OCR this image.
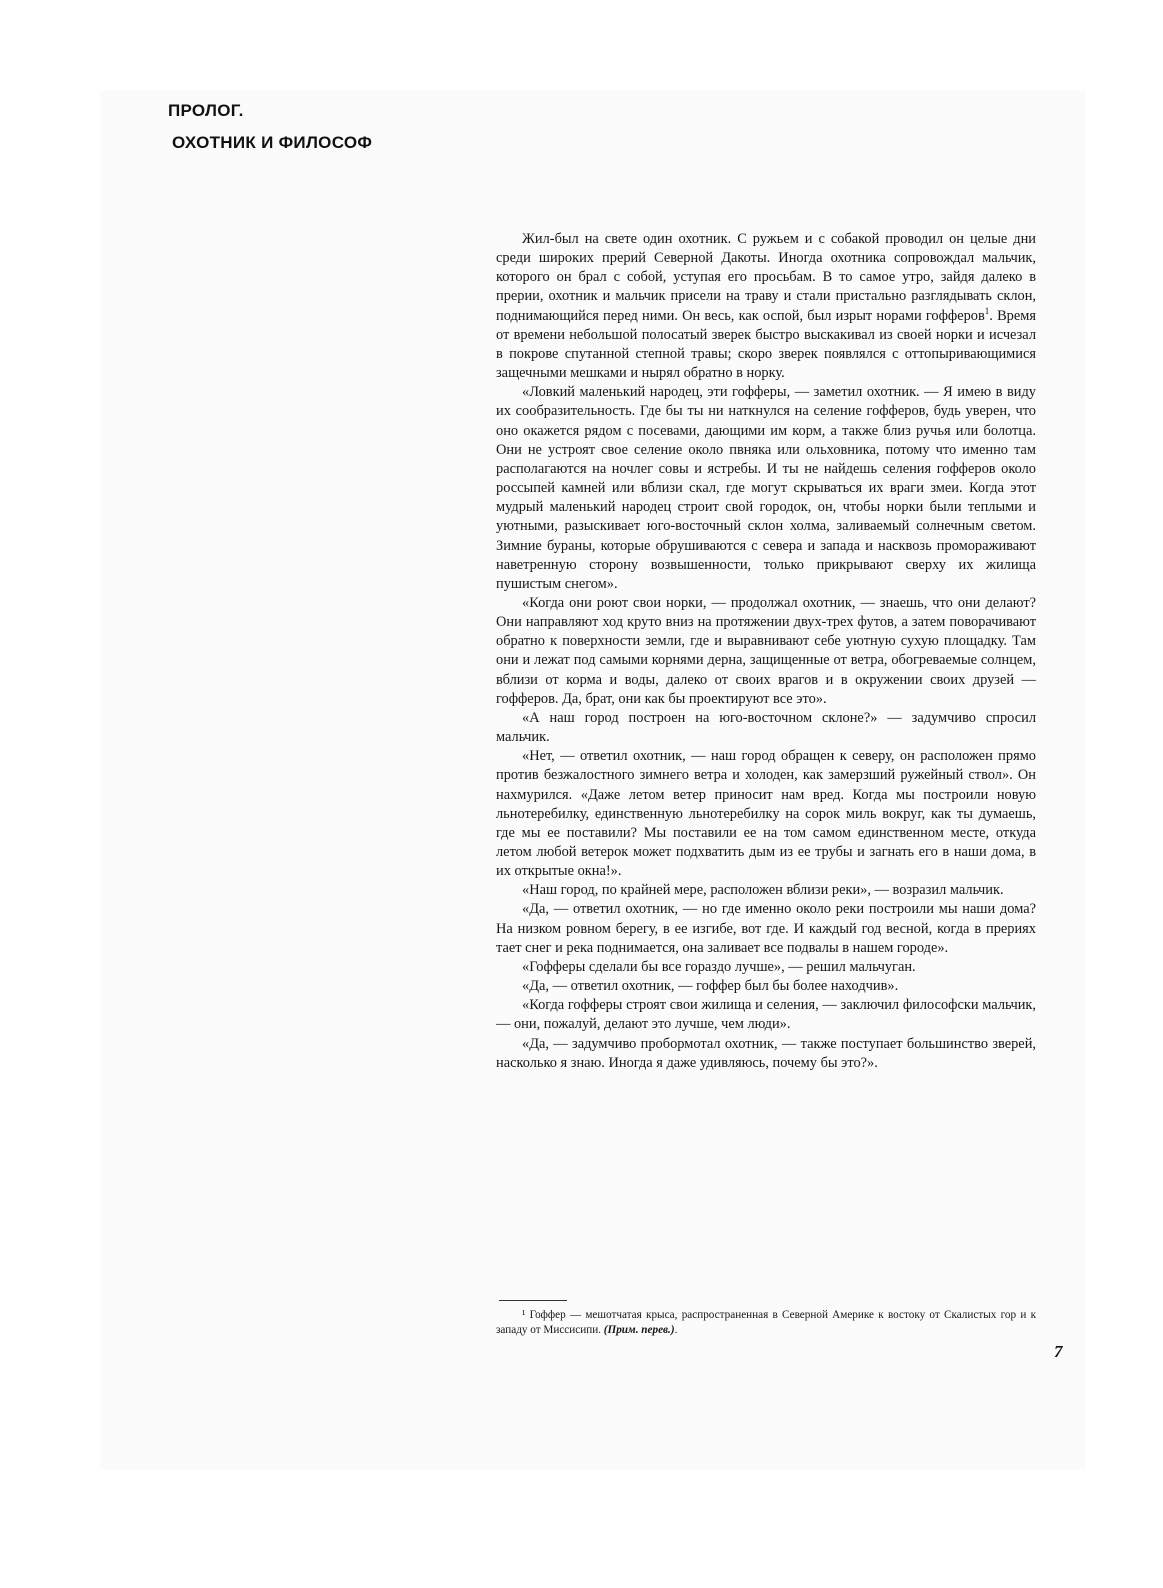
ПРОЛОГ.
ОХОТНИК И ФИЛОСОФ

Жил-был на свете один охотник. С ружьем и с собакой проводил он целые дни среди широких прерий Северной Дакоты. Иногда охотника сопровождал мальчик, которого он брал с собой, уступая его просьбам. В то самое утро, зайдя далеко в прерии, охотник и мальчик присели на траву и стали пристально разглядывать склон, поднимающийся перед ними. Он весь, как оспой, был изрыт норами гофферов$^1$. Время от времени небольшой полосатый зверек быстро выскакивал из своей норки и исчезал в покрове спутанной степной травы; скоро зверек появлялся с оттопыривающимися защечными мешками и нырял обратно в норку.

«Ловкий маленький народец, эти гофферы, — заметил охотник. — Я имею в виду их сообразительность. Где бы ты ни наткнулся на селение гофферов, будь уверен, что оно окажется рядом с посевами, дающими им корм, а также близ ручья или болотца. Они не устроят свое селение около пвняка или ольховника, потому что именно там располагаются на ночлег совы и ястребы. И ты не найдешь селения гофферов около россыпей камней или вблизи скал, где могут скрываться их враги змеи. Когда этот мудрый маленький народец строит свой городок, он, чтобы норки были теплыми и уютными, разыскивает юго-восточный склон холма, заливаемый солнечным светом. Зимние бураны, которые обрушиваются с севера и запада и насквозь промораживают наветренную сторону возвышенности, только прикрывают сверху их жилища пушистым снегом».

«Когда они роют свои норки, — продолжал охотник, — знаешь, что они делают? Они направляют ход круто вниз на протяжении двух-трех футов, а затем поворачивают обратно к поверхности земли, где и выравнивают себе уютную сухую площадку. Там они и лежат под самыми корнями дерна, защищенные от ветра, обогреваемые солнцем, вблизи от корма и воды, далеко от своих врагов и в окружении своих друзей — гофферов. Да, брат, они как бы проектируют все это».

«А наш город построен на юго-восточном склоне?» — задумчиво спросил мальчик.

«Нет, — ответил охотник, — наш город обращен к северу, он расположен прямо против безжалостного зимнего ветра и холоден, как замерзший ружейный ствол». Он нахмурился. «Даже летом ветер приносит нам вред. Когда мы построили новую льнотеребилку, единственную льнотеребилку на сорок миль вокруг, как ты думаешь, где мы ее поставили? Мы поставили ее на том самом единственном месте, откуда летом любой ветерок может подхватить дым из ее трубы и загнать его в наши дома, в их открытые окна!».

«Наш город, по крайней мере, расположен вблизи реки», — возразил мальчик.

«Да, — ответил охотник, — но где именно около реки построили мы наши дома? На низком ровном берегу, в ее изгибе, вот где. И каждый год весной, когда в прериях тает снег и река поднимается, она заливает все подвалы в нашем городе».

«Гофферы сделали бы все гораздо лучше», — решил мальчуган.

«Да, — ответил охотник, — гоффер был бы более находчив».

«Когда гофферы строят свои жилища и селения, — заключил философски мальчик, — они, пожалуй, делают это лучше, чем люди».

«Да, — задумчиво пробормотал охотник, — также поступает большинство зверей, насколько я знаю. Иногда я даже удивляюсь, почему бы это?».

¹ Гоффер — мешотчатая крыса, распространенная в Северной Америке к востоку от Скалистых гор и к западу от Миссисипи. (Прим. перев.).
7
